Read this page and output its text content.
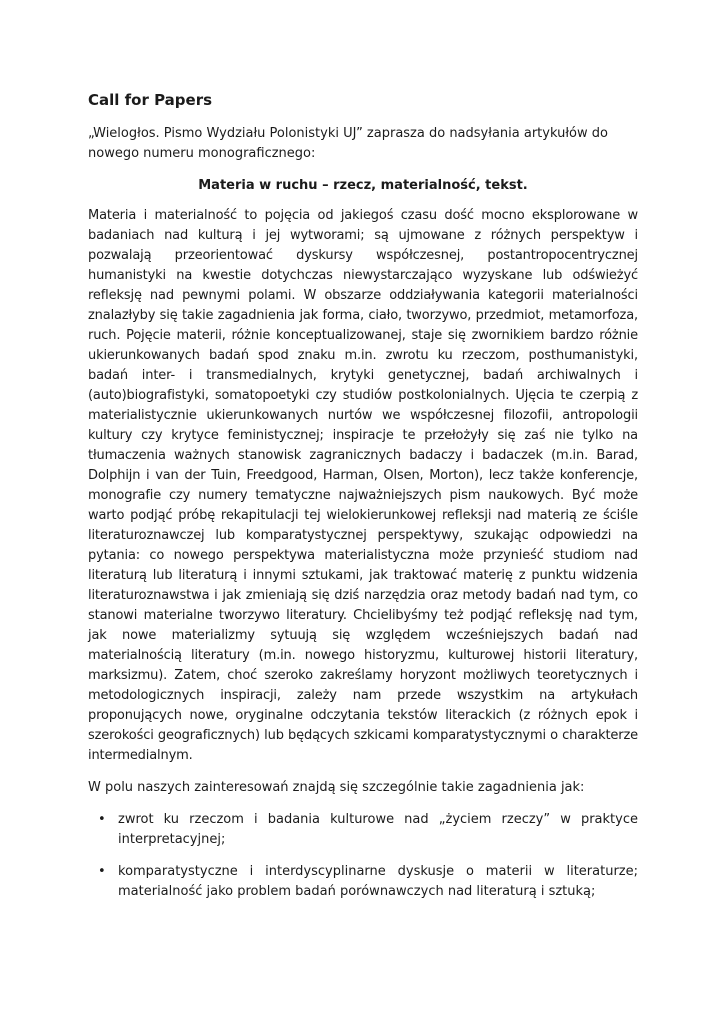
Call for Papers

„Wielogłos. Pismo Wydziału Polonistyki UJ” zaprasza do nadsyłania artykułów do nowego numeru monograficznego:

Materia w ruchu – rzecz, materialność, tekst.

Materia i materialność to pojęcia od jakiegoś czasu dość mocno eksplorowane w badaniach nad kulturą i jej wytworami; są ujmowane z różnych perspektyw i pozwalają przeorientować dyskursy współczesnej, postantropocentrycznej humanistyki na kwestie dotychczas niewystarczająco wyzyskane lub odświeżyć refleksję nad pewnymi polami. W obszarze oddziaływania kategorii materialności znalazłyby się takie zagadnienia jak forma, ciało, tworzywo, przedmiot, metamorfoza, ruch. Pojęcie materii, różnie konceptualizowanej, staje się zwornikiem bardzo różnie ukierunkowanych badań spod znaku m.in. zwrotu ku rzeczom, posthumanistyki, badań inter- i transmedialnych, krytyki genetycznej, badań archiwalnych i (auto)biografistyki, somatopoetyki czy studiów postkolonialnych. Ujęcia te czerpią z materialistycznie ukierunkowanych nurtów we współczesnej filozofii, antropologii kultury czy krytyce feministycznej; inspiracje te przełożyły się zaś nie tylko na tłumaczenia ważnych stanowisk zagranicznych badaczy i badaczek (m.in. Barad, Dolphijn i van der Tuin, Freedgood, Harman, Olsen, Morton), lecz także konferencje, monografie czy numery tematyczne najważniejszych pism naukowych. Być może warto podjąć próbę rekapitulacji tej wielokierunkowej refleksji nad materią ze ściśle literaturoznawczej lub komparatystycznej perspektywy, szukając odpowiedzi na pytania: co nowego perspektywa materialistyczna może przynieść studiom nad literaturą lub literaturą i innymi sztukami, jak traktować materię z punktu widzenia literaturoznawstwa i jak zmieniają się dziś narzędzia oraz metody badań nad tym, co stanowi materialne tworzywo literatury. Chcielibyśmy też podjąć refleksję nad tym, jak nowe materializmy sytuują się względem wcześniejszych badań nad materialnością literatury (m.in. nowego historyzmu, kulturowej historii literatury, marksizmu). Zatem, choć szeroko zakreślamy horyzont możliwych teoretycznych i metodologicznych inspiracji, zależy nam przede wszystkim na artykułach proponujących nowe, oryginalne odczytania tekstów literackich (z różnych epok i szerokości geograficznych) lub będących szkicami komparatystycznymi o charakterze intermedialnym.

W polu naszych zainteresowań znajdą się szczególnie takie zagadnienia jak:

• zwrot ku rzeczom i badania kulturowe nad „życiem rzeczy” w praktyce interpretacyjnej;
• komparatystyczne i interdyscyplinarne dyskusje o materii w literaturze; materialność jako problem badań porównawczych nad literaturą i sztuką;
